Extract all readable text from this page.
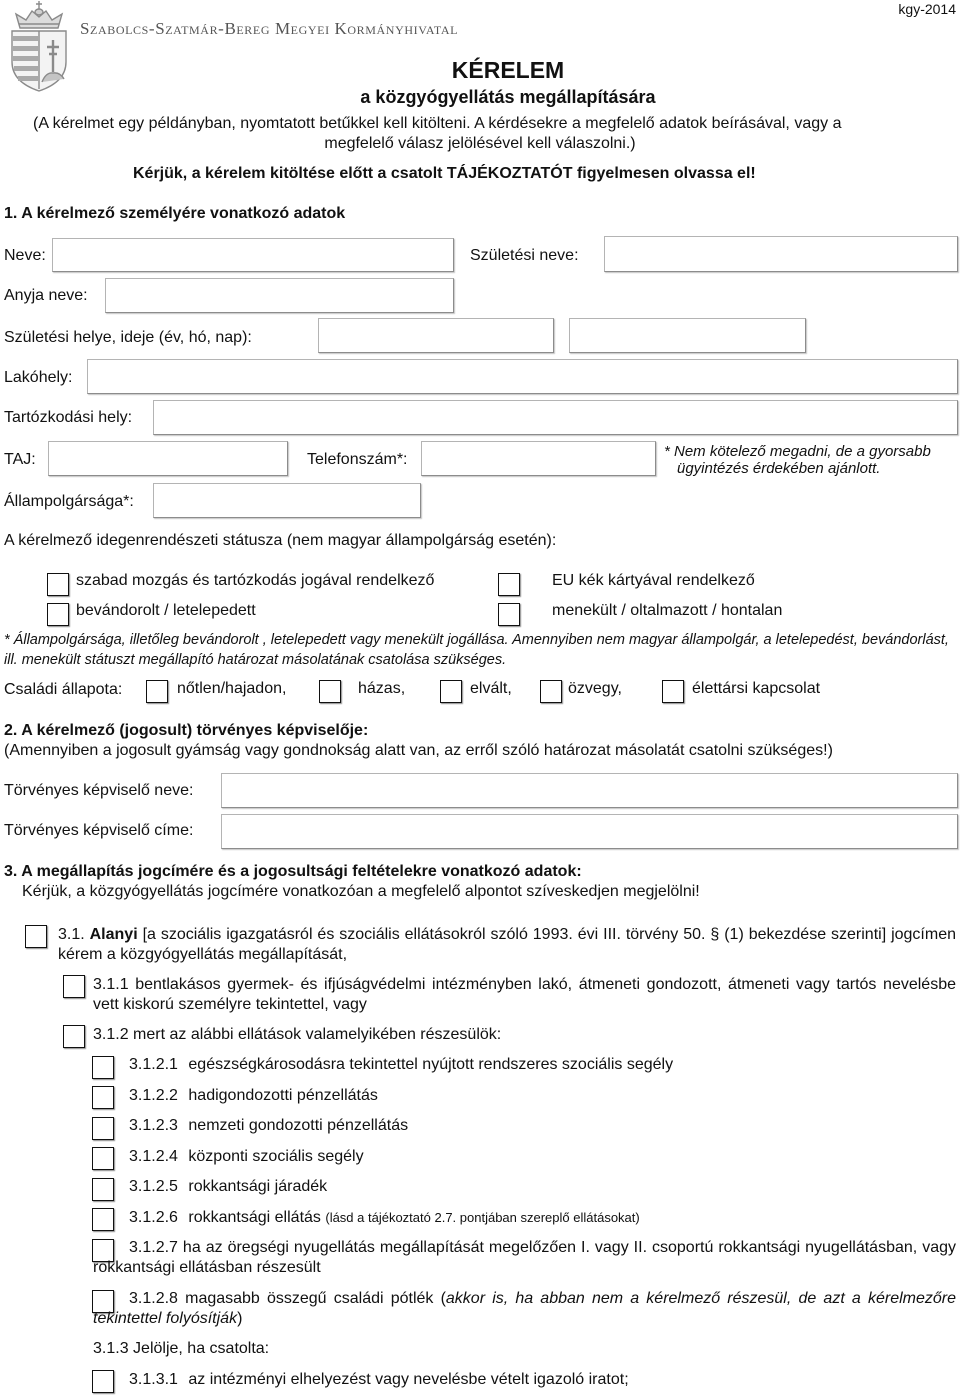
Szabolcs-Szatmár-Bereg Megyei Kormányhivatal
kgy-2014
KÉRELEM
a közgyógyellátás megállapítására
(A kérelmet egy példányban, nyomtatott betűkkel kell kitölteni. A kérdésekre a megfelelő adatok beírásával, vagy a
megfelelő válasz jelölésével kell válaszolni.)
Kérjük, a kérelem kitöltése előtt a csatolt TÁJÉKOZTATÓT figyelmesen olvassa el!
1. A kérelmező személyére vonatkozó adatok
Neve:	Születési neve:
Anyja neve:
Születési helye, ideje (év, hó, nap):
Lakóhely:
Tartózkodási hely:
TAJ:	Telefonszám*:	* Nem kötelező megadni, de a gyorsabb
ügyintézés érdekében ajánlott.
Állampolgársága*:
A kérelmező idegenrendészeti státusza (nem magyar állampolgárság esetén):
szabad mozgás és tartózkodás jogával rendelkező	EU kék kártyával rendelkező
bevándorolt / letelepedett	menekült / oltalmazott / hontalan
* Állampolgársága, illetőleg bevándorolt , letelepedett vagy menekült jogállása. Amennyiben nem magyar állampolgár, a letelepedést, bevándorlást, ill. menekült státuszt megállapító határozat másolatának csatolása szükséges.
Családi állapota:	nőtlen/hajadon,	házas,	elvált,	özvegy,	élettársi kapcsolat
2. A kérelmező (jogosult) törvényes képviselője:
(Amennyiben a jogosult gyámság vagy gondnokság alatt van, az erről szóló határozat másolatát csatolni szükséges!)
Törvényes képviselő neve:
Törvényes képviselő címe:
3. A megállapítás jogcímére és a jogosultsági feltételekre vonatkozó adatok:
Kérjük, a közgyógyellátás jogcímére vonatkozóan a megfelelő alpontot szíveskedjen megjelölni!
3.1. Alanyi [a szociális igazgatásról és szociális ellátásokról szóló 1993. évi III. törvény 50. § (1) bekezdése szerinti] jogcímen kérem a közgyógyellátás megállapítását,
3.1.1 bentlakásos gyermek- és ifjúságvédelmi intézményben lakó, átmeneti gondozott, átmeneti vagy tartós nevelésbe vett kiskorú személyre tekintettel, vagy
3.1.2 mert az alábbi ellátások valamelyikében részesülök:
3.1.2.1 egészségkárosodásra tekintettel nyújtott rendszeres szociális segély
3.1.2.2 hadigondozotti pénzellátás
3.1.2.3 nemzeti gondozotti pénzellátás
3.1.2.4 központi szociális segély
3.1.2.5 rokkantsági járadék
3.1.2.6 rokkantsági ellátás (lásd a tájékoztató 2.7. pontjában szereplő ellátásokat)
3.1.2.7 ha az öregségi nyugellátás megállapítását megelőzően I. vagy II. csoportú rokkantsági nyugellátásban, vagy rokkantsági ellátásban részesült
3.1.2.8 magasabb összegű családi pótlék (akkor is, ha abban nem a kérelmező részesül, de azt a kérelmezőre tekintettel folyósítják)
3.1.3 Jelölje, ha csatolta:
3.1.3.1 az intézményi elhelyezést vagy nevelésbe vételt igazoló iratot;
